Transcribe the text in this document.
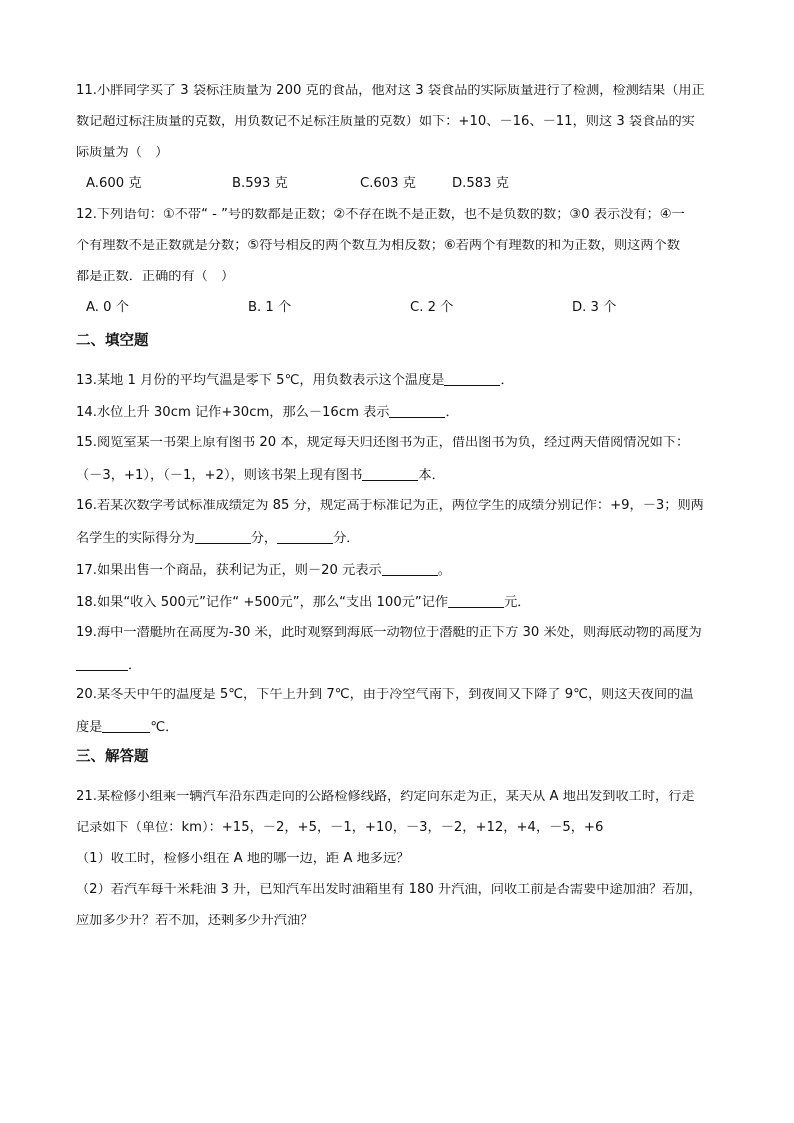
11.小胖同学买了 3 袋标注质量为 200 克的食品，他对这 3 袋食品的实际质量进行了检测，检测结果（用正
数记超过标注质量的克数，用负数记不足标注质量的克数）如下：+10、－16、－11，则这 3 袋食品的实
际质量为（　）
A.600 克	B.593 克	C.603 克	D.583 克
12.下列语句：①不带“ - ”号的数都是正数；②不存在既不是正数，也不是负数的数；③0 表示没有；④一
个有理数不是正数就是分数；⑤符号相反的两个数互为相反数；⑥若两个有理数的和为正数，则这两个数
都是正数．正确的有（　）
A. 0 个	B. 1 个	C. 2 个	D. 3 个
二、填空题
13.某地 1 月份的平均气温是零下 5℃，用负数表示这个温度是	．
14.水位上升 30cm 记作+30cm，那么－16cm 表示	．
15.阅览室某一书架上原有图书 20 本，规定每天归还图书为正，借出图书为负，经过两天借阅情况如下：
（－3，+1），（－1，+2），则该书架上现有图书	本．
16.若某次数学考试标准成绩定为 85 分，规定高于标准记为正，两位学生的成绩分别记作：+9，－3；则两
名学生的实际得分为	分，	分．
17.如果出售一个商品，获利记为正，则－20 元表示	。
18.如果“收入 500元”记作“ +500元”，那么“支出 100元”记作	元．
19.海中一潜艇所在高度为-30 米，此时观察到海底一动物位于潜艇的正下方 30 米处，则海底动物的高度为
．
20.某冬天中午的温度是 5℃，下午上升到 7℃，由于冷空气南下，到夜间又下降了 9℃，则这天夜间的温
度是	℃．
三、解答题
21.某检修小组乘一辆汽车沿东西走向的公路检修线路，约定向东走为正，某天从 A 地出发到收工时，行走
记录如下（单位：km）：+15，－2，+5，－1，+10，－3，－2，+12，+4，－5，+6
（1）收工时，检修小组在 A 地的哪一边，距 A 地多远？
（2）若汽车每千米耗油 3 升，已知汽车出发时油箱里有 180 升汽油，问收工前是否需要中途加油？若加，
应加多少升？若不加，还剩多少升汽油？
